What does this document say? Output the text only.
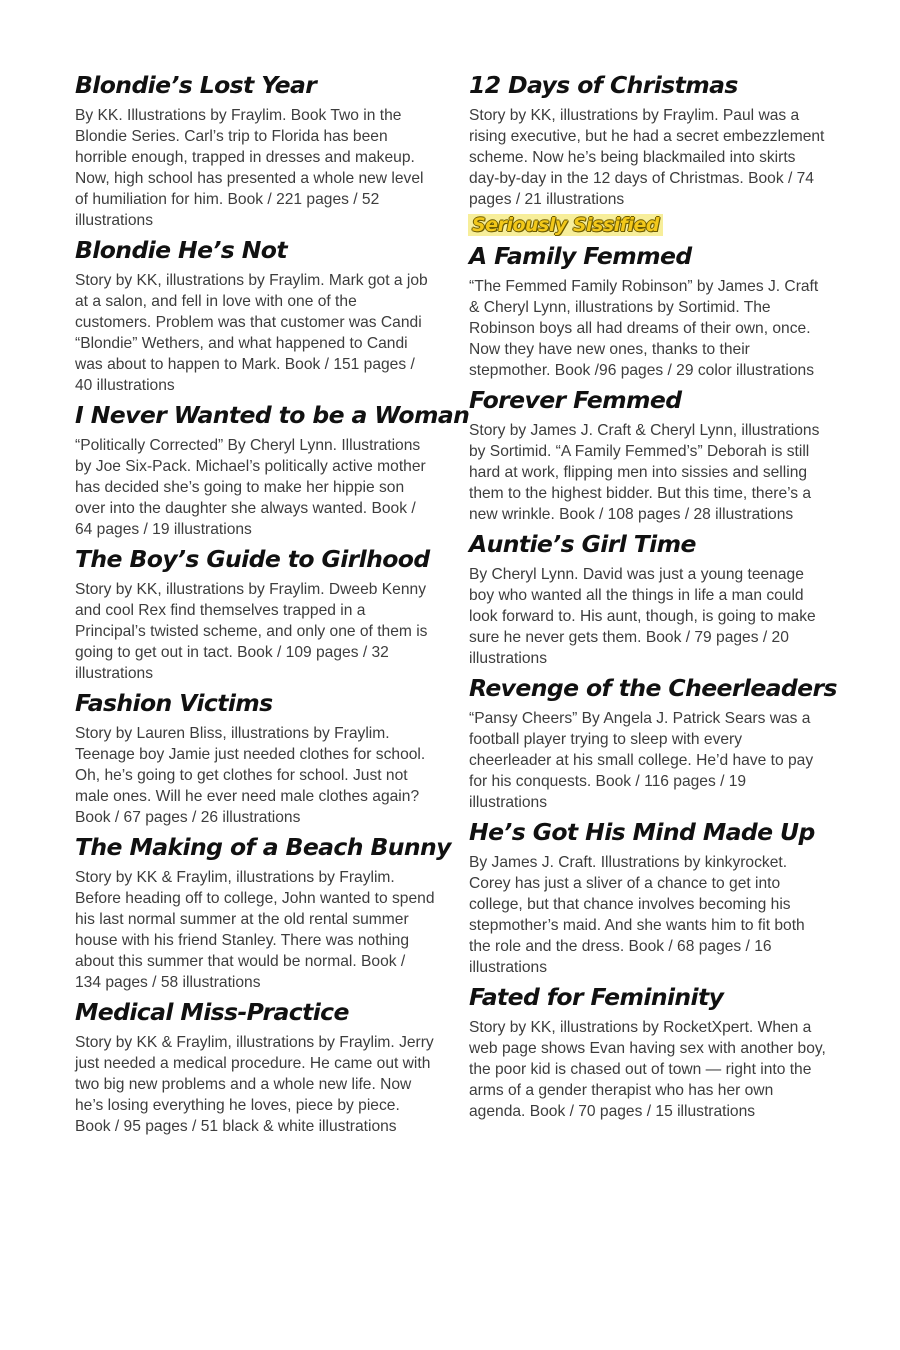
Blondie’s Lost Year

By KK. Illustrations by Fraylim. Book Two in the Blondie Series. Carl’s trip to Florida has been horrible enough, trapped in dresses and makeup. Now, high school has presented a whole new level of humiliation for him. Book / 221 pages / 52 illustrations

Blondie He’s Not

Story by KK, illustrations by Fraylim. Mark got a job at a salon, and fell in love with one of the customers. Problem was that customer was Candi “Blondie” Wethers, and what happened to Candi was about to happen to Mark. Book / 151 pages / 40 illustrations

I Never Wanted to be a Woman

“Politically Corrected” By Cheryl Lynn. Illustrations by Joe Six-Pack. Michael’s politically active mother has decided she’s going to make her hippie son over into the daughter she always wanted. Book / 64 pages / 19 illustrations

The Boy’s Guide to Girlhood

Story by KK, illustrations by Fraylim. Dweeb Kenny and cool Rex find themselves trapped in a Principal’s twisted scheme, and only one of them is going to get out in tact. Book / 109 pages / 32 illustrations

Fashion Victims

Story by Lauren Bliss, illustrations by Fraylim. Teenage boy Jamie just needed clothes for school. Oh, he’s going to get clothes for school. Just not male ones. Will he ever need male clothes again? Book / 67 pages / 26 illustrations

The Making of a Beach Bunny

Story by KK & Fraylim, illustrations by Fraylim. Before heading off to college, John wanted to spend his last normal summer at the old rental summer house with his friend Stanley. There was nothing about this summer that would be normal. Book / 134 pages / 58 illustrations

Medical Miss-Practice

Story by KK & Fraylim, illustrations by Fraylim. Jerry just needed a medical procedure. He came out with two big new problems and a whole new life. Now he’s losing everything he loves, piece by piece. Book / 95 pages / 51 black & white illustrations

12 Days of Christmas

Story by KK, illustrations by Fraylim. Paul was a rising executive, but he had a secret embezzlement scheme. Now he’s being blackmailed into skirts day-by-day in the 12 days of Christmas. Book / 74 pages / 21 illustrations

Seriously Sissified
A Family Femmed

“The Femmed Family Robinson” by James J. Craft & Cheryl Lynn, illustrations by Sortimid. The Robinson boys all had dreams of their own, once. Now they have new ones, thanks to their stepmother. Book /96 pages / 29 color illustrations

Forever Femmed

Story by James J. Craft & Cheryl Lynn, illustrations by Sortimid. “A Family Femmed’s” Deborah is still hard at work, flipping men into sissies and selling them to the highest bidder. But this time, there’s a new wrinkle. Book / 108 pages / 28 illustrations

Auntie’s Girl Time

By Cheryl Lynn. David was just a young teenage boy who wanted all the things in life a man could look forward to. His aunt, though, is going to make sure he never gets them. Book / 79 pages / 20 illustrations

Revenge of the Cheerleaders

“Pansy Cheers” By Angela J. Patrick Sears was a football player trying to sleep with every cheerleader at his small college. He’d have to pay for his conquests. Book / 116 pages / 19 illustrations

He’s Got His Mind Made Up

By James J. Craft. Illustrations by kinkyrocket. Corey has just a sliver of a chance to get into college, but that chance involves becoming his stepmother’s maid. And she wants him to fit both the role and the dress. Book / 68 pages / 16 illustrations

Fated for Femininity

Story by KK, illustrations by RocketXpert. When a web page shows Evan having sex with another boy, the poor kid is chased out of town — right into the arms of a gender therapist who has her own agenda. Book / 70 pages / 15 illustrations
